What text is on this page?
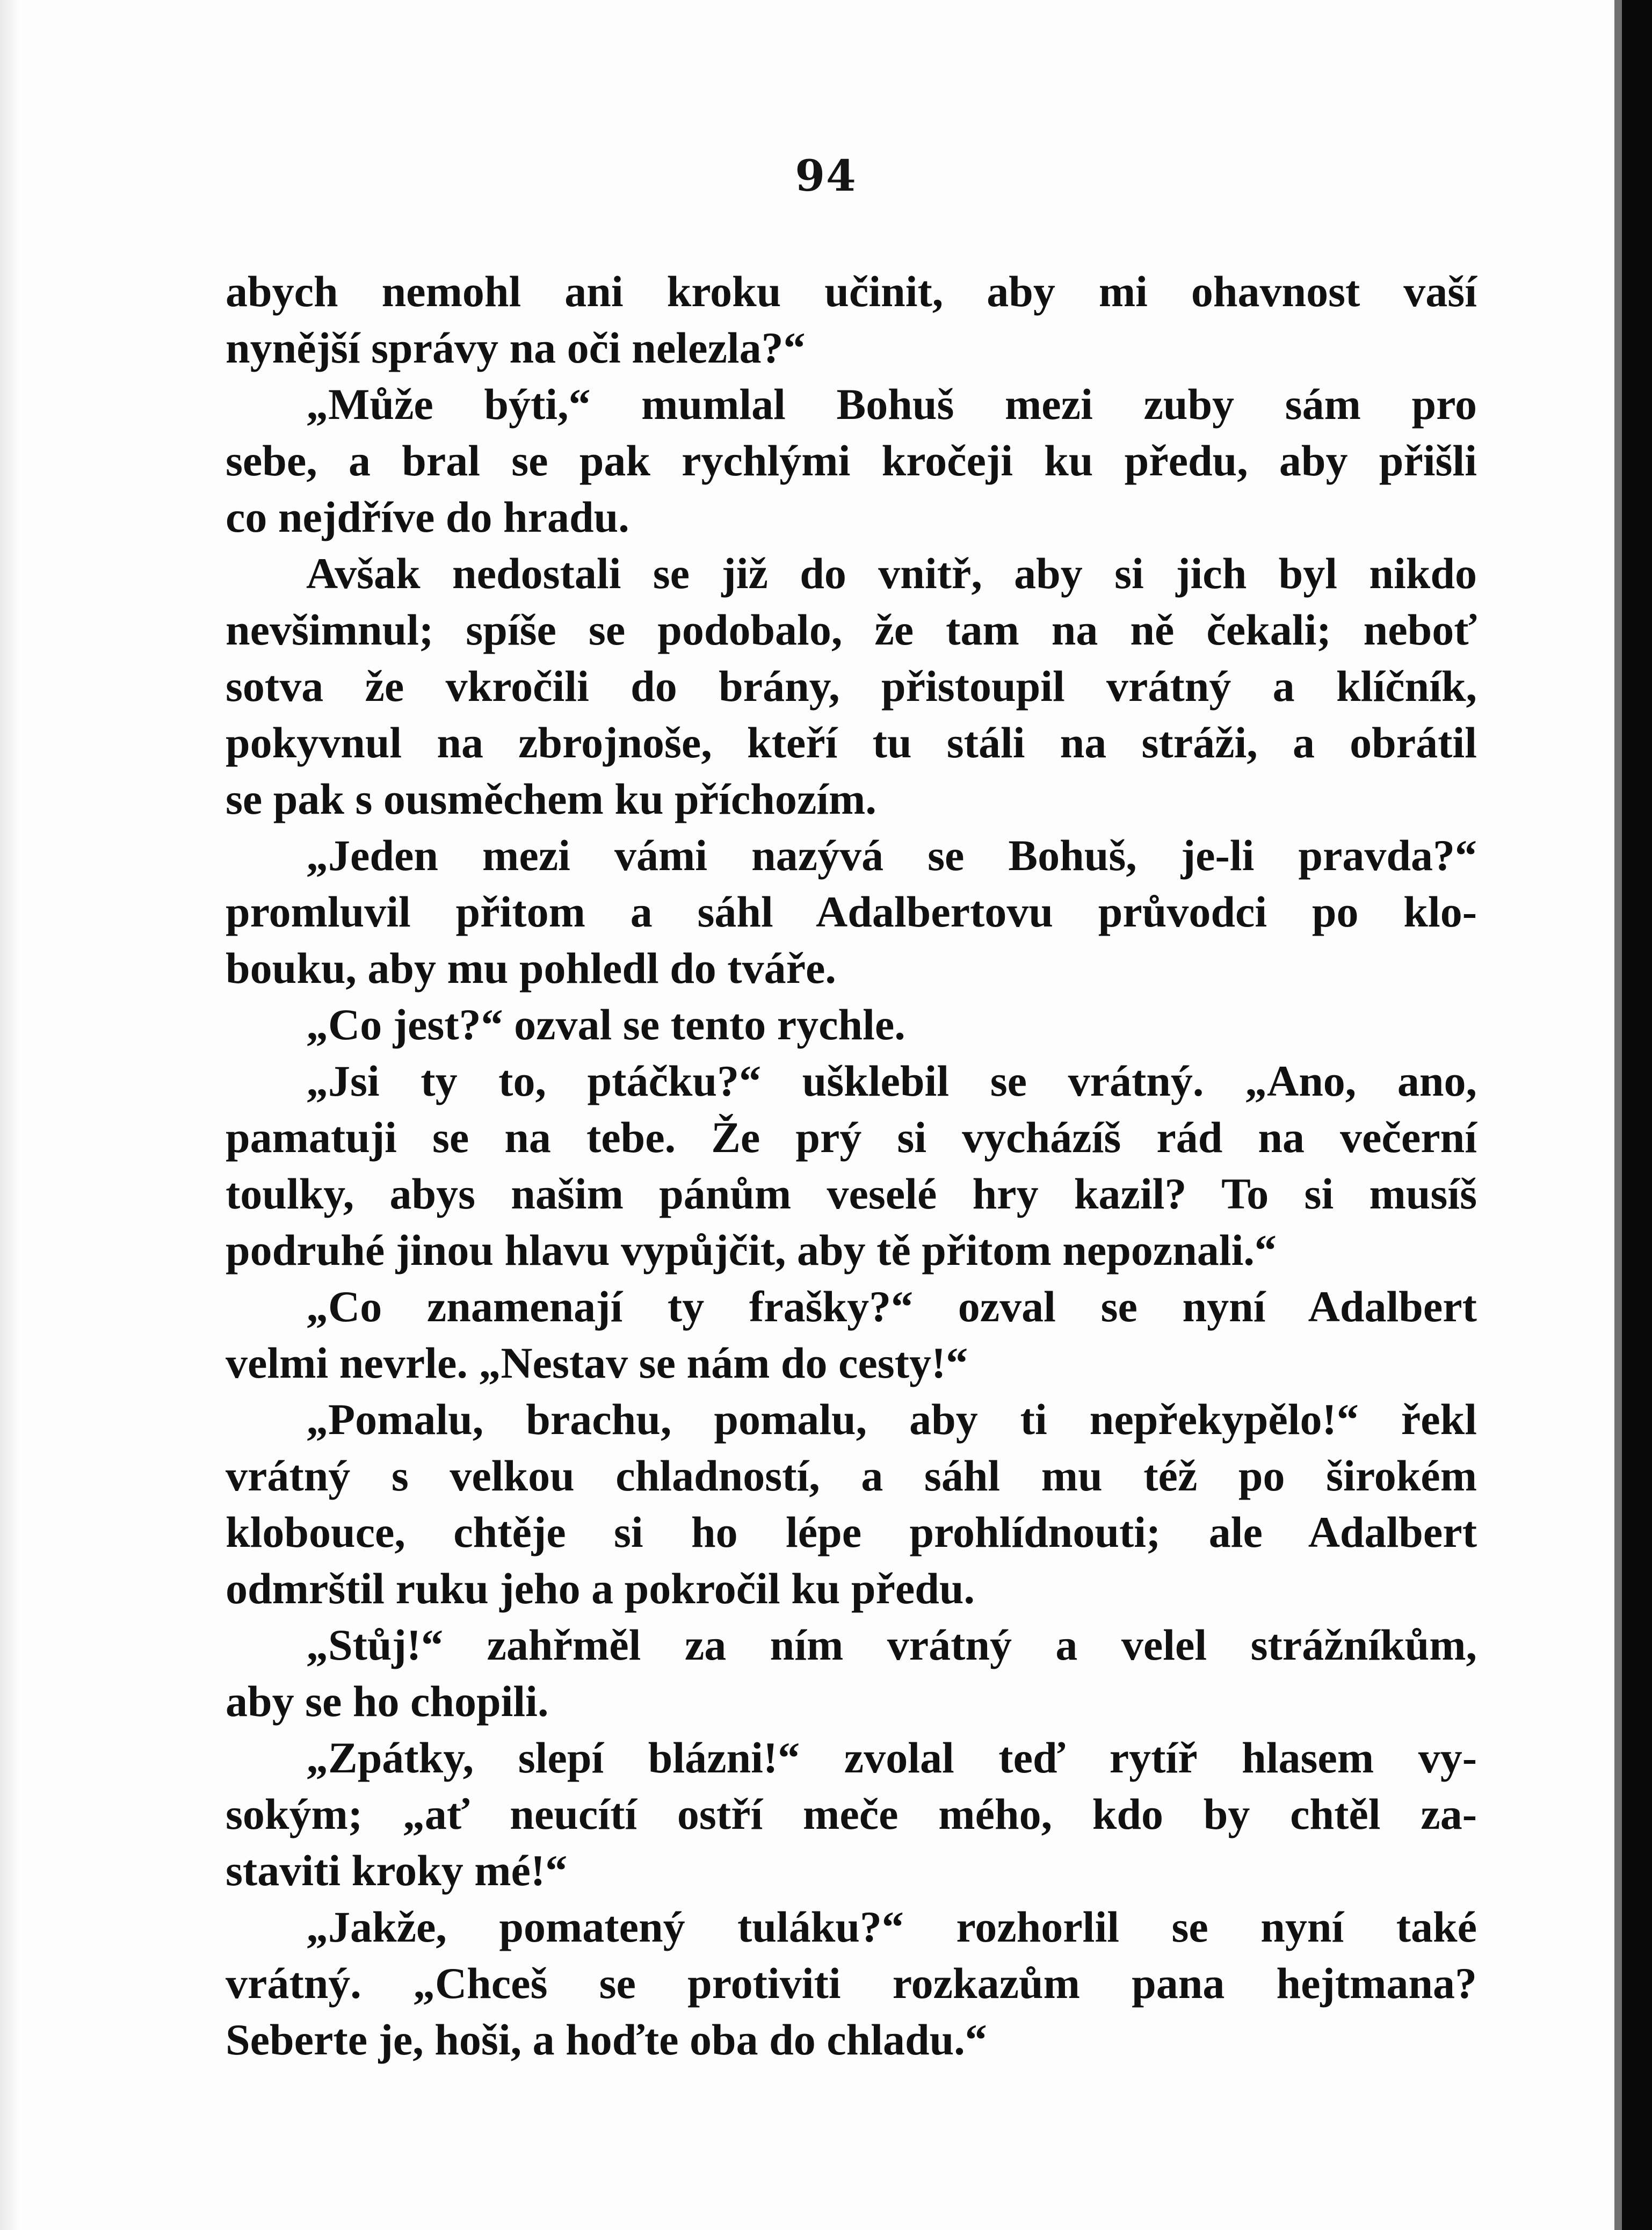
94
abych nemohl ani kroku učinit, aby mi ohavnost vaší
nynější správy na oči nelezla?“
„Může býti,“ mumlal Bohuš mezi zuby sám pro
sebe, a bral se pak rychlými kročeji ku předu, aby přišli
co nejdříve do hradu.
Avšak nedostali se již do vnitř, aby si jich byl nikdo
nevšimnul; spíše se podobalo, že tam na ně čekali; neboť
sotva že vkročili do brány, přistoupil vrátný a klíčník,
pokyvnul na zbrojnoše, kteří tu stáli na stráži, a obrátil
se pak s ousměchem ku příchozím.
„Jeden mezi vámi nazývá se Bohuš, je-li pravda?“
promluvil přitom a sáhl Adalbertovu průvodci po klo-
bouku, aby mu pohledl do tváře.
„Co jest?“ ozval se tento rychle.
„Jsi ty to, ptáčku?“ ušklebil se vrátný. „Ano, ano,
pamatuji se na tebe. Že prý si vycházíš rád na večerní
toulky, abys našim pánům veselé hry kazil? To si musíš
podruhé jinou hlavu vypůjčit, aby tě přitom nepoznali.“
„Co znamenají ty frašky?“ ozval se nyní Adalbert
velmi nevrle. „Nestav se nám do cesty!“
„Pomalu, brachu, pomalu, aby ti nepřekypělo!“ řekl
vrátný s velkou chladností, a sáhl mu též po širokém
klobouce, chtěje si ho lépe prohlídnouti; ale Adalbert
odmrštil ruku jeho a pokročil ku předu.
„Stůj!“ zahřměl za ním vrátný a velel strážníkům,
aby se ho chopili.
„Zpátky, slepí blázni!“ zvolal teď rytíř hlasem vy-
sokým; „ať neucítí ostří meče mého, kdo by chtěl za-
staviti kroky mé!“
„Jakže, pomatený tuláku?“ rozhorlil se nyní také
vrátný. „Chceš se protiviti rozkazům pana hejtmana?
Seberte je, hoši, a hoďte oba do chladu.“
